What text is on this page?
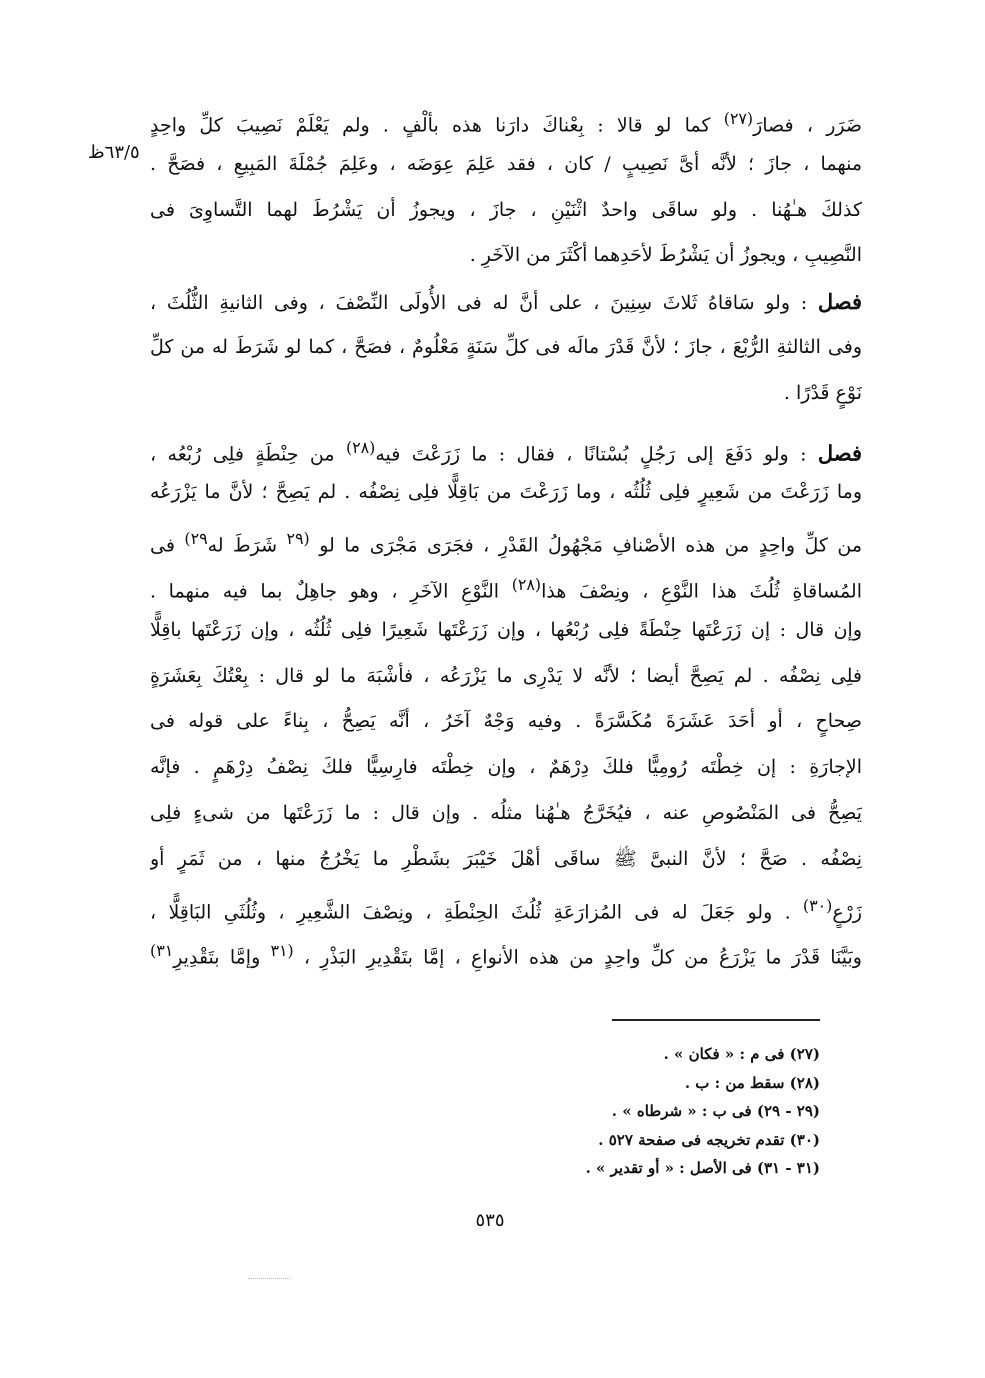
٦٣/٥ظ
ضَرَر ، فصارَ$^{(٢٧)}$ كما لو قالا : بِعْناكَ دارَنا هذه بألْفٍ . ولم يَعْلَمْ نَصِيبَ كلِّ واحِدٍ
منهما ، جازَ ؛ لأنَّه أىَّ نَصِيبٍ / كان ، فقد عَلِمَ عِوَضَه ، وعَلِمَ جُمْلَةَ المَبِيعِ ، فصَحَّ .
كذلكَ هـٰهُنا . ولو ساقَى واحدٌ اثْنَيْنِ ، جازَ ، ويجوزُ أن يَشْرُطَ لهما التَّساوِىَ فى
النَّصِيبِ ، ويجوزُ أن يَشْرُطَ لأحَدِهما أكْثَرَ من الآخَرِ .
فصل : ولو سَاقاهُ ثَلاثَ سِنِينَ ، على أنَّ له فى الأُولَى النِّصْفَ ، وفى الثانيةِ الثُّلُثَ ،
وفى الثالثةِ الرُّبْعَ ، جازَ ؛ لأنَّ قَدْرَ مالَه فى كلِّ سَنَةٍ مَعْلُومٌ ، فصَحَّ ، كما لو شَرَطَ له من كلِّ
نَوْعٍ قَدْرًا .
فصل : ولو دَفَعَ إلى رَجُلٍ بُسْتانًا ، فقال : ما زَرَعْتَ فيه$^{(٢٨)}$ من حِنْطَةٍ فلِى رُبْعُه ،
وما زَرَعْتَ من شَعِيرٍ فلِى ثُلُثُه ، وما زَرَعْتَ من بَاقِلًّا فلِى نِصْفُه . لم يَصِحَّ ؛ لأنَّ ما يَزْرَعُه
من كلِّ واحِدٍ من هذه الأصْنافِ مَجْهُولُ القَدْرِ ، فجَرَى مَجْرَى ما لو $^{(٢٩}$ شَرَطَ له$^{٢٩)}$ فى
المُساقاةِ ثُلُثَ هذا النَّوْعِ ، ونِصْفَ هذا$^{(٢٨)}$ النَّوْعِ الآخَرِ ، وهو جاهِلٌ بما فيه منهما .
وإن قال : إن زَرَعْتَها حِنْطَةً فلِى رُبْعُها ، وإن زَرَعْتَها شَعِيرًا فلِى ثُلُثُه ، وإن زَرَعْتَها باقِلًّا
فلِى نِصْفُه . لم يَصِحَّ أيضا ؛ لأنَّه لا يَدْرِى ما يَزْرَعُه ، فأشْبَهَ ما لو قال : بِعْتُكَ بِعَشَرَةٍ
صِحاحٍ ، أو أحَدَ عَشَرَةَ مُكَسَّرَةً . وفيه وَجْهٌ آخَرُ ، أنَّه يَصِحُّ ، بِناءً على قوله فى
الإجارَةِ : إن خِطْتَه رُومِيًّا فلكَ دِرْهَمٌ ، وإن خِطْتَه فارِسِيًّا فلكَ نِصْفُ دِرْهَمٍ . فإنَّه
يَصِحُّ فى المَنْصُوصِ عنه ، فيُخَرَّجُ هـٰهُنا مثلُه . وإن قال : ما زَرَعْتَها من شىءٍ فلِى
نِصْفُه . صَحَّ ؛ لأنَّ النبىَّ ﷺ ساقَى أهْلَ خَيْبَرَ بشَطْرِ ما يَخْرُجُ منها ، من ثَمَرٍ أو
زَرْعٍ$^{(٣٠)}$ . ولو جَعَلَ له فى المُزارَعَةِ ثُلُثَ الحِنْطَةِ ، ونِصْفَ الشَّعِيرِ ، وثُلُثَىِ البَاقِلًّا ،
وبَيَّنَا قَدْرَ ما يَزْرَعُ من كلِّ واحِدٍ من هذه الأنواعِ ، إمَّا بتَقْدِيرِ البَذْرِ ، $^{(٣١}$ وإمَّا بتَقْدِيرِ$^{٣١)}$
(٢٧) فى م : « فكان » .
(٢٨) سقط من : ب .
(٢٩ - ٢٩) فى ب : « شرطاه » .
(٣٠) تقدم تخريجه فى صفحة ٥٢٧ .
(٣١ - ٣١) فى الأصل : « أو تقدير » .
٥٣٥
